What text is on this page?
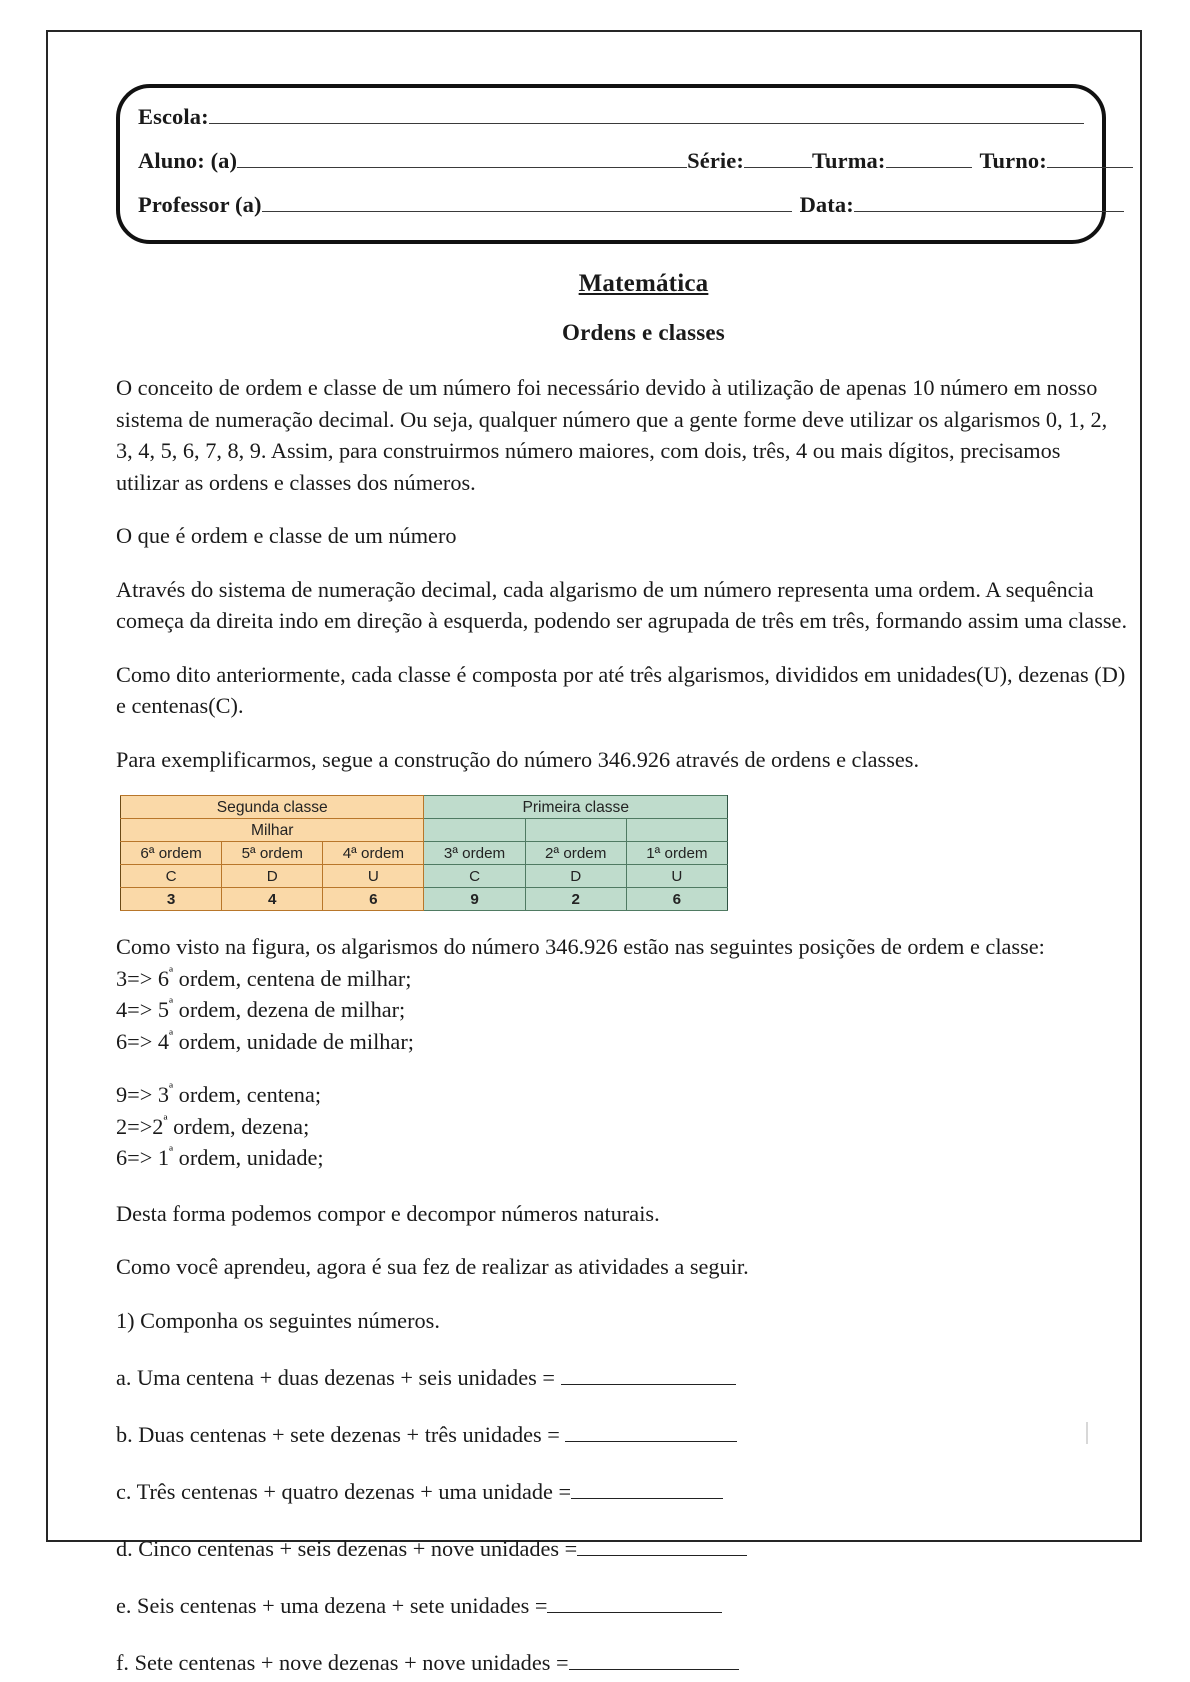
Escola:
Aluno: (a)	Série:	Turma:	Turno:
Professor (a)	Data:
Matemática
Ordens e classes

O conceito de ordem e classe de um número foi necessário devido à utilização de apenas 10 número em nosso sistema de numeração decimal. Ou seja, qualquer número que a gente forme deve utilizar os algarismos 0, 1, 2, 3, 4, 5, 6, 7, 8, 9. Assim, para construirmos número maiores, com dois, três, 4 ou mais dígitos, precisamos utilizar as ordens e classes dos números.

O que é ordem e classe de um número

Através do sistema de numeração decimal, cada algarismo de um número representa uma ordem. A sequência começa da direita indo em direção à esquerda, podendo ser agrupada de três em três, formando assim uma classe.

Como dito anteriormente, cada classe é composta por até três algarismos, divididos em unidades(U), dezenas (D) e centenas(C).

Para exemplificarmos, segue a construção do número 346.926 através de ordens e classes.

Segunda classe			Primeira classe		
Milhar					
6ª ordem	5ª ordem	4ª ordem	3ª ordem	2ª ordem	1ª ordem
C	D	U	C	D	U
3	4	6	9	2	6
Como visto na figura, os algarismos do número 346.926 estão nas seguintes posições de ordem e classe:
$3=> 6^ª$ ordem, centena de milhar;
$4=> 5^ª$ ordem, dezena de milhar;
$6=> 4^ª$ ordem, unidade de milhar;
$9=> 3^ª$ ordem, centena;
$2=>2^ª$ ordem, dezena;
$6=> 1^ª$ ordem, unidade;

Desta forma podemos compor e decompor números naturais.

Como você aprendeu, agora é sua fez de realizar as atividades a seguir.

1) Componha os seguintes números.
a. Uma centena + duas dezenas + seis unidades =
b. Duas centenas + sete dezenas + três unidades =
c. Três centenas + quatro dezenas + uma unidade =
d. Cinco centenas + seis dezenas + nove unidades =
e. Seis centenas + uma dezena + sete unidades =
f. Sete centenas + nove dezenas + nove unidades =
